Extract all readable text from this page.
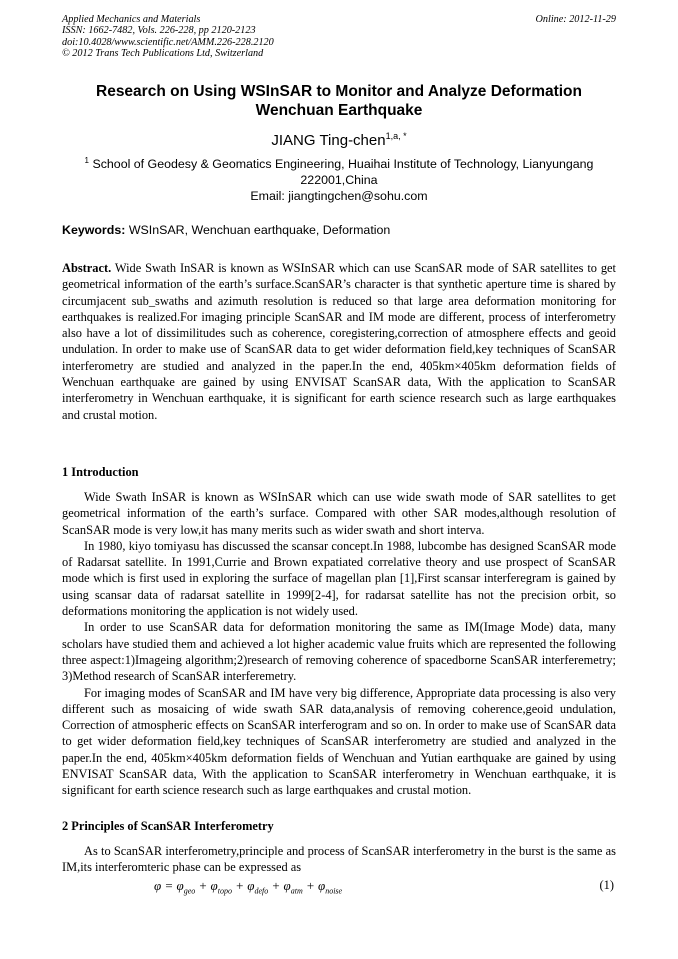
Applied Mechanics and Materials
ISSN: 1662-7482, Vols. 226-228, pp 2120-2123
doi:10.4028/www.scientific.net/AMM.226-228.2120
© 2012 Trans Tech Publications Ltd, Switzerland
Online: 2012-11-29
Research on Using WSInSAR to Monitor and Analyze Deformation
Wenchuan Earthquake
JIANG Ting-chen$^{1,a, *}$
$^1$ School of Geodesy & Geomatics Engineering, Huaihai Institute of Technology, Lianyungang
222001,China
Email: jiangtingchen@sohu.com
Keywords: WSInSAR, Wenchuan earthquake, Deformation
Abstract. Wide Swath InSAR is known as WSInSAR which can use ScanSAR mode of SAR satellites to get geometrical information of the earth’s surface.ScanSAR’s character is that synthetic aperture time is shared by circumjacent sub_swaths and azimuth resolution is reduced so that large area deformation monitoring for earthquakes is realized.For imaging principle ScanSAR and IM mode are different, process of interferometry also have a lot of dissimilitudes such as coherence, coregistering,correction of atmosphere effects and geoid undulation. In order to make use of ScanSAR data to get wider deformation field,key techniques of ScanSAR interferometry are studied and analyzed in the paper.In the end, 405km×405km deformation fields of Wenchuan earthquake are gained by using ENVISAT ScanSAR data, With the application to ScanSAR interferometry in Wenchuan earthquake, it is significant for earth science research such as large earthquakes and crustal motion.
1 Introduction

Wide Swath InSAR is known as WSInSAR which can use wide swath mode of SAR satellites to get geometrical information of the earth’s surface. Compared with other SAR modes,although resolution of ScanSAR mode is very low,it has many merits such as wider swath and short interva.

In 1980, kiyo tomiyasu has discussed the scansar concept.In 1988, lubcombe has designed ScanSAR mode of Radarsat satellite. In 1991,Currie and Brown expatiated correlative theory and use prospect of ScanSAR mode which is first used in exploring the surface of magellan plan [1],First scansar interferegram is gained by using scansar data of radarsat satellite in 1999[2-4], for radarsat satellite has not the precision orbit, so deformations monitoring the application is not widely used.

In order to use ScanSAR data for deformation monitoring the same as IM(Image Mode) data, many scholars have studied them and achieved a lot higher academic value fruits which are represented the following three aspect:1)Imageing algorithm;2)research of removing coherence of spacedborne ScanSAR interferemetry; 3)Method research of ScanSAR interferemetry.

For imaging modes of ScanSAR and IM have very big difference, Appropriate data processing is also very different such as mosaicing of wide swath SAR data,analysis of removing coherence,geoid undulation, Correction of atmospheric effects on ScanSAR interferogram and so on. In order to make use of ScanSAR data to get wider deformation field,key techniques of ScanSAR interferometry are studied and analyzed in the paper.In the end, 405km×405km deformation fields of Wenchuan and Yutian earthquake are gained by using ENVISAT ScanSAR data, With the application to ScanSAR interferometry in Wenchuan earthquake, it is significant for earth science research such as large earthquakes and crustal motion.

2 Principles of ScanSAR Interferometry

As to ScanSAR interferometry,principle and process of ScanSAR interferometry in the burst is the same as IM,its interferomteric phase can be expressed as

$\varphi = \varphi_{geo} + \varphi_{topo} + \varphi_{defo} + \varphi_{atm} + \varphi_{noise}$	(1)
